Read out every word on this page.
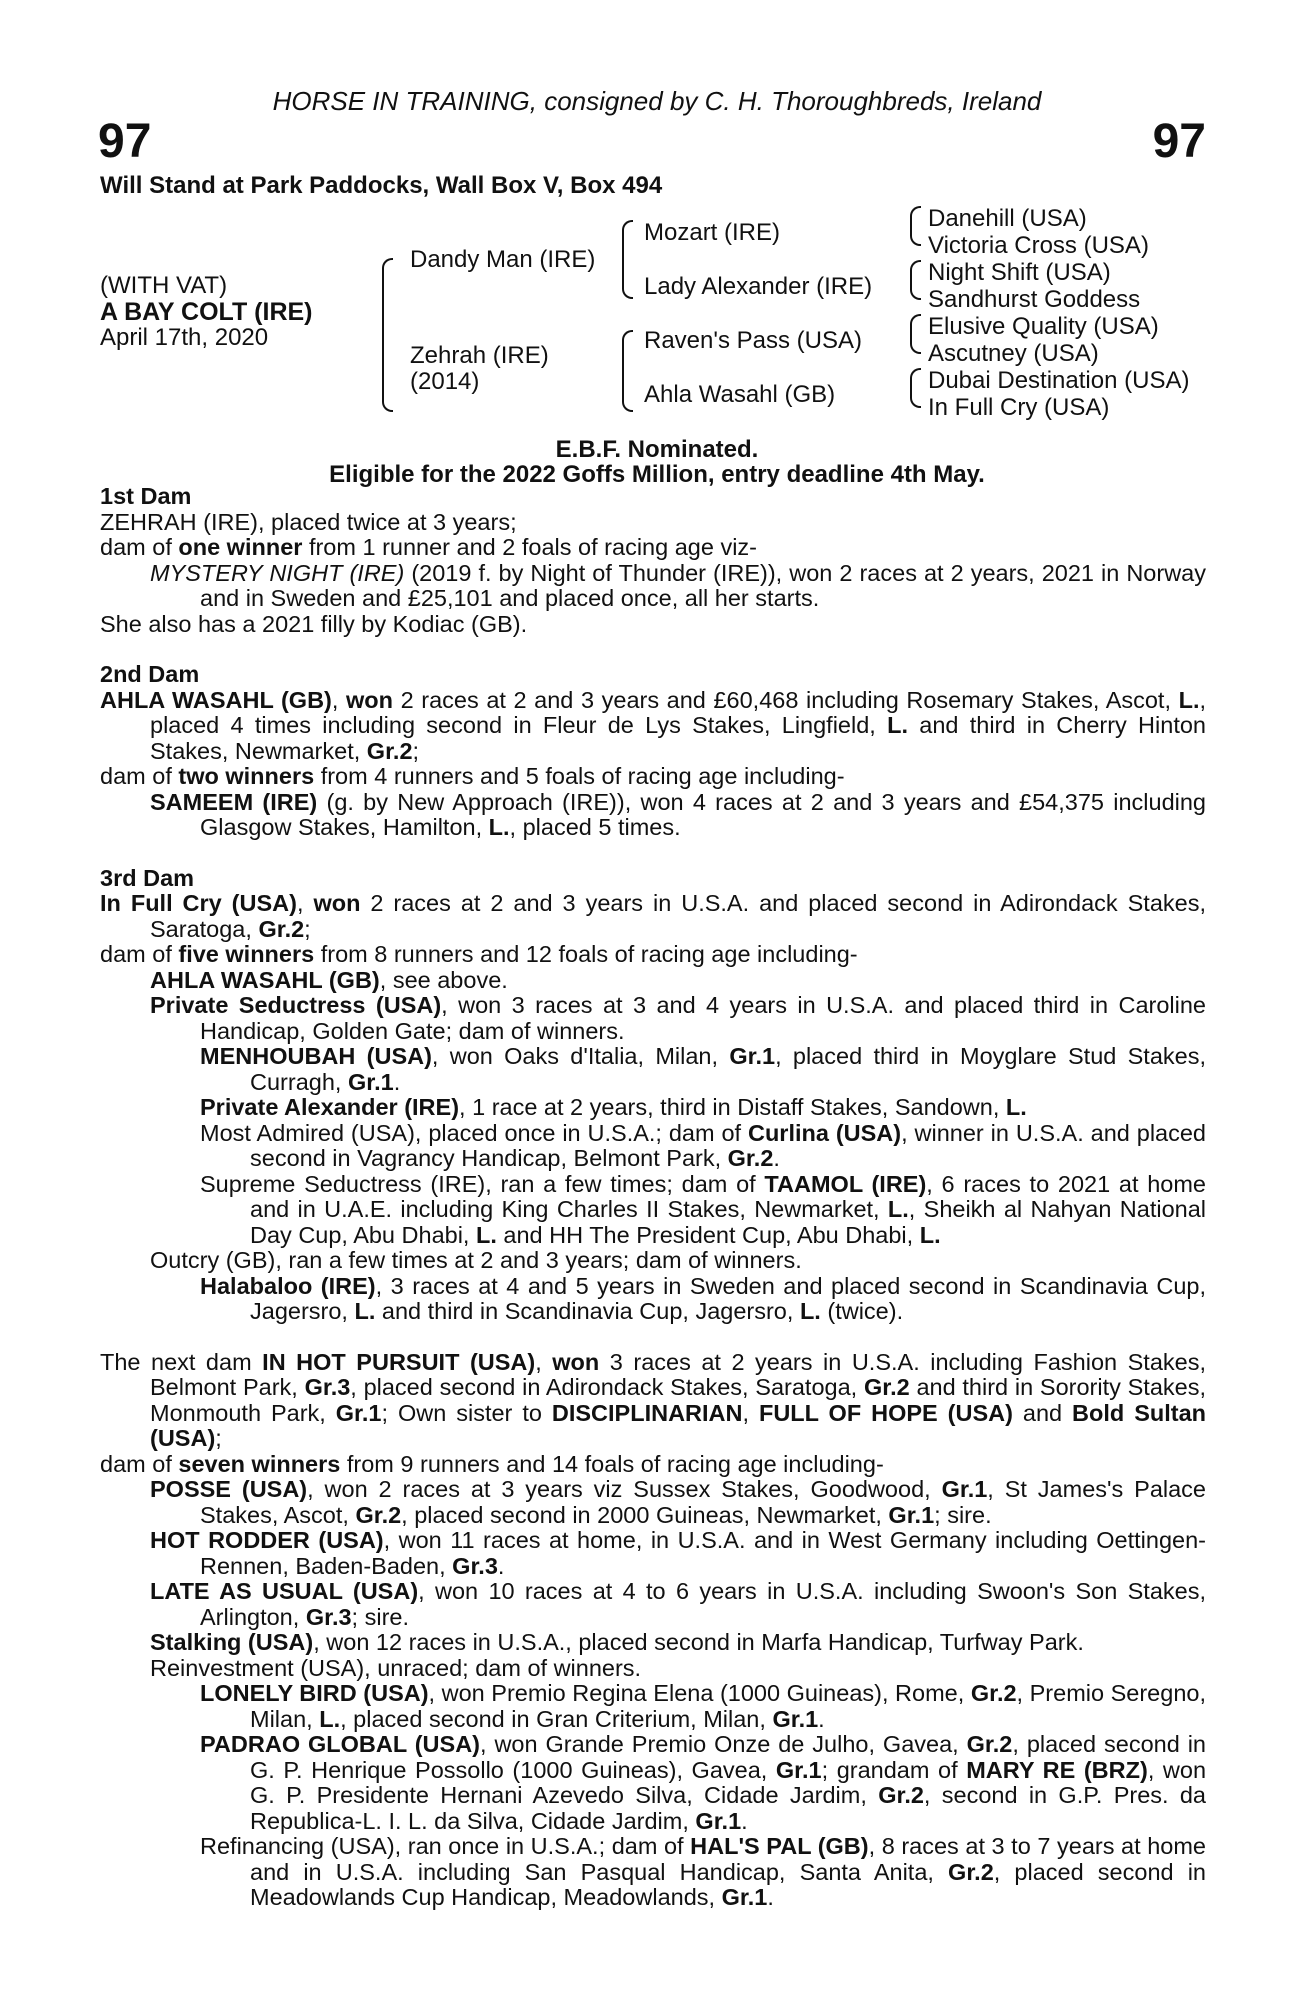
HORSE IN TRAINING, consigned by C. H. Thoroughbreds, Ireland
97	97
Will Stand at Park Paddocks, Wall Box V, Box 494
(WITH VAT)
A BAY COLT (IRE)
April 17th, 2020
Dandy Man (IRE)
Zehrah (IRE)
(2014)
Mozart (IRE)
Lady Alexander (IRE)
Raven's Pass (USA)
Ahla Wasahl (GB)
Danehill (USA)
Victoria Cross (USA)
Night Shift (USA)
Sandhurst Goddess
Elusive Quality (USA)
Ascutney (USA)
Dubai Destination (USA)
In Full Cry (USA)
E.B.F. Nominated.
Eligible for the 2022 Goffs Million, entry deadline 4th May.

1st Dam

ZEHRAH (IRE), placed twice at 3 years;

dam of one winner from 1 runner and 2 foals of racing age viz-

MYSTERY NIGHT (IRE) (2019 f. by Night of Thunder (IRE)), won 2 races at 2 years, 2021 in Norway and in Sweden and £25,101 and placed once, all her starts.

She also has a 2021 filly by Kodiac (GB).

2nd Dam

AHLA WASAHL (GB), won 2 races at 2 and 3 years and £60,468 including Rosemary Stakes, Ascot, L., placed 4 times including second in Fleur de Lys Stakes, Lingfield, L. and third in Cherry Hinton Stakes, Newmarket, Gr.2;

dam of two winners from 4 runners and 5 foals of racing age including-

SAMEEM (IRE) (g. by New Approach (IRE)), won 4 races at 2 and 3 years and £54,375 including Glasgow Stakes, Hamilton, L., placed 5 times.

3rd Dam

In Full Cry (USA), won 2 races at 2 and 3 years in U.S.A. and placed second in Adirondack Stakes, Saratoga, Gr.2;

dam of five winners from 8 runners and 12 foals of racing age including-

AHLA WASAHL (GB), see above.

Private Seductress (USA), won 3 races at 3 and 4 years in U.S.A. and placed third in Caroline Handicap, Golden Gate; dam of winners.

MENHOUBAH (USA), won Oaks d'Italia, Milan, Gr.1, placed third in Moyglare Stud Stakes, Curragh, Gr.1.

Private Alexander (IRE), 1 race at 2 years, third in Distaff Stakes, Sandown, L.

Most Admired (USA), placed once in U.S.A.; dam of Curlina (USA), winner in U.S.A. and placed second in Vagrancy Handicap, Belmont Park, Gr.2.

Supreme Seductress (IRE), ran a few times; dam of TAAMOL (IRE), 6 races to 2021 at home and in U.A.E. including King Charles II Stakes, Newmarket, L., Sheikh al Nahyan National Day Cup, Abu Dhabi, L. and HH The President Cup, Abu Dhabi, L.

Outcry (GB), ran a few times at 2 and 3 years; dam of winners.

Halabaloo (IRE), 3 races at 4 and 5 years in Sweden and placed second in Scandinavia Cup, Jagersro, L. and third in Scandinavia Cup, Jagersro, L. (twice).

The next dam IN HOT PURSUIT (USA), won 3 races at 2 years in U.S.A. including Fashion Stakes, Belmont Park, Gr.3, placed second in Adirondack Stakes, Saratoga, Gr.2 and third in Sorority Stakes, Monmouth Park, Gr.1; Own sister to DISCIPLINARIAN, FULL OF HOPE (USA) and Bold Sultan (USA);

dam of seven winners from 9 runners and 14 foals of racing age including-

POSSE (USA), won 2 races at 3 years viz Sussex Stakes, Goodwood, Gr.1, St James's Palace Stakes, Ascot, Gr.2, placed second in 2000 Guineas, Newmarket, Gr.1; sire.

HOT RODDER (USA), won 11 races at home, in U.S.A. and in West Germany including Oettingen-Rennen, Baden-Baden, Gr.3.

LATE AS USUAL (USA), won 10 races at 4 to 6 years in U.S.A. including Swoon's Son Stakes, Arlington, Gr.3; sire.

Stalking (USA), won 12 races in U.S.A., placed second in Marfa Handicap, Turfway Park.

Reinvestment (USA), unraced; dam of winners.

LONELY BIRD (USA), won Premio Regina Elena (1000 Guineas), Rome, Gr.2, Premio Seregno, Milan, L., placed second in Gran Criterium, Milan, Gr.1.

PADRAO GLOBAL (USA), won Grande Premio Onze de Julho, Gavea, Gr.2, placed second in G. P. Henrique Possollo (1000 Guineas), Gavea, Gr.1; grandam of MARY RE (BRZ), won G. P. Presidente Hernani Azevedo Silva, Cidade Jardim, Gr.2, second in G.P. Pres. da Republica-L. I. L. da Silva, Cidade Jardim, Gr.1.

Refinancing (USA), ran once in U.S.A.; dam of HAL'S PAL (GB), 8 races at 3 to 7 years at home and in U.S.A. including San Pasqual Handicap, Santa Anita, Gr.2, placed second in Meadowlands Cup Handicap, Meadowlands, Gr.1.
